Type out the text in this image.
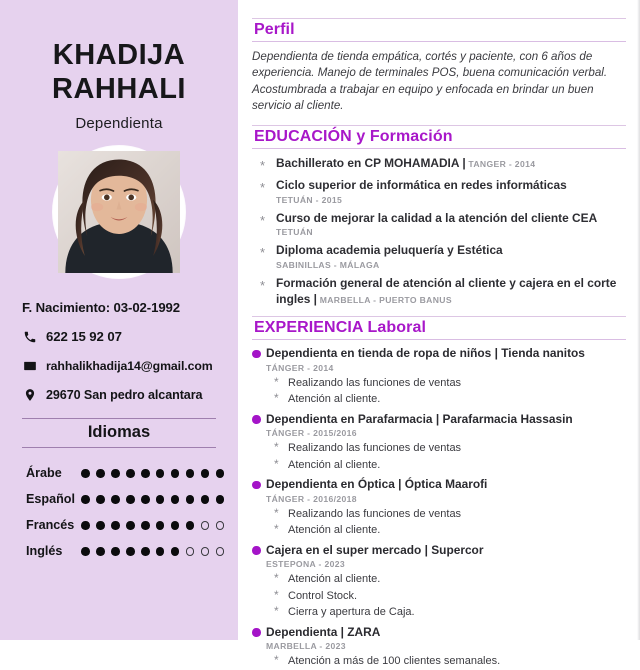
KHADIJA
RAHHALI
Dependienta
F. Nacimiento: 03-02-1992
622 15 92 07
rahhalikhadija14@gmail.com
29670 San pedro alcantara
Idiomas
Árabe
Español
Francés
Inglés
Perfil

Dependienta de tienda empática, cortés y paciente, con 6 años de experiencia. Manejo de terminales POS, buena comunicación verbal. Acostumbrada a trabajar en equipo y enfocada en brindar un buen servicio al cliente.

EDUCACIÓN y Formación
* Bachillerato en CP MOHAMADIA | TANGER - 2014
* Ciclo superior de informática en redes informáticas
TETUÁN - 2015
* Curso de mejorar la calidad a la atención del cliente CEA
TETUÁN
* Diploma academia peluquería y Estética
SABINILLAS - MÁLAGA
* Formación general de atención al cliente y cajera en el corte ingles | MARBELLA - PUERTO BANUS
EXPERIENCIA Laboral
Dependienta en tienda de ropa de niños | Tienda nanitos
TÁNGER - 2014
* Realizando las funciones de ventas
* Atención al cliente.
Dependienta en Parafarmacia | Parafarmacia Hassasin
TÁNGER - 2015/2016
* Realizando las funciones de ventas
* Atención al cliente.
Dependienta en Óptica | Óptica Maarofi
TÁNGER - 2016/2018
* Realizando las funciones de ventas
* Atención al cliente.
Cajera en el super mercado | Supercor
ESTEPONA - 2023
* Atención al cliente.
* Control Stock.
* Cierra y apertura de Caja.
Dependienta | ZARA
MARBELLA - 2023
* Atención a más de 100 clientes semanales.
